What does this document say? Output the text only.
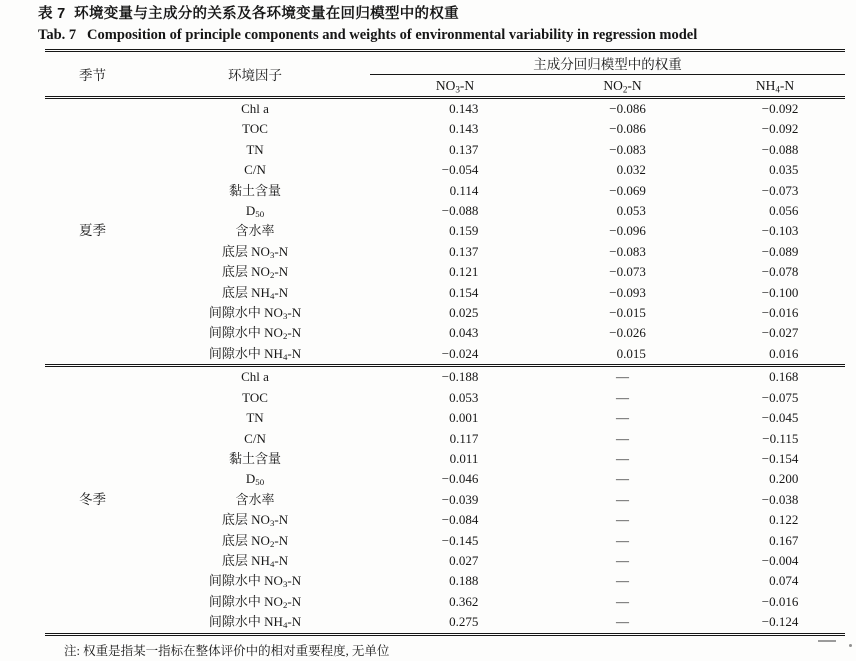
表 7  环境变量与主成分的关系及各环境变量在回归模型中的权重
Tab. 7   Composition of principle components and weights of environmental variability in regression model
季节	环境因子	主成分回归模型中的权重		
		$NO_3-N$	$NO_2-N$	$NH_4-N$
夏季	Chl a	0.143	−0.086	−0.092
	TOC	0.143	−0.086	−0.092
	TN	0.137	−0.083	−0.088
	C/N	−0.054	0.032	0.035
	黏土含量	0.114	−0.069	−0.073
	$D_{50}$	−0.088	0.053	0.056
	含水率	0.159	−0.096	−0.103
	底层 $NO_3-N$	0.137	−0.083	−0.089
	底层 $NO_2-N$	0.121	−0.073	−0.078
	底层 $NH_4-N$	0.154	−0.093	−0.100
	间隙水中 $NO_3-N$	0.025	−0.015	−0.016
	间隙水中 $NO_2-N$	0.043	−0.026	−0.027
	间隙水中 $NH_4-N$	−0.024	0.015	0.016
冬季	Chl a	−0.188	—	0.168
	TOC	0.053	—	−0.075
	TN	0.001	—	−0.045
	C/N	0.117	—	−0.115
	黏土含量	0.011	—	−0.154
	$D_{50}$	−0.046	—	0.200
	含水率	−0.039	—	−0.038
	底层 $NO_3-N$	−0.084	—	0.122
	底层 $NO_2-N$	−0.145	—	0.167
	底层 $NH_4-N$	0.027	—	−0.004
	间隙水中 $NO_3-N$	0.188	—	0.074
	间隙水中 $NO_2-N$	0.362	—	−0.016
	间隙水中 $NH_4-N$	0.275	—	−0.124
注: 权重是指某一指标在整体评价中的相对重要程度, 无单位
